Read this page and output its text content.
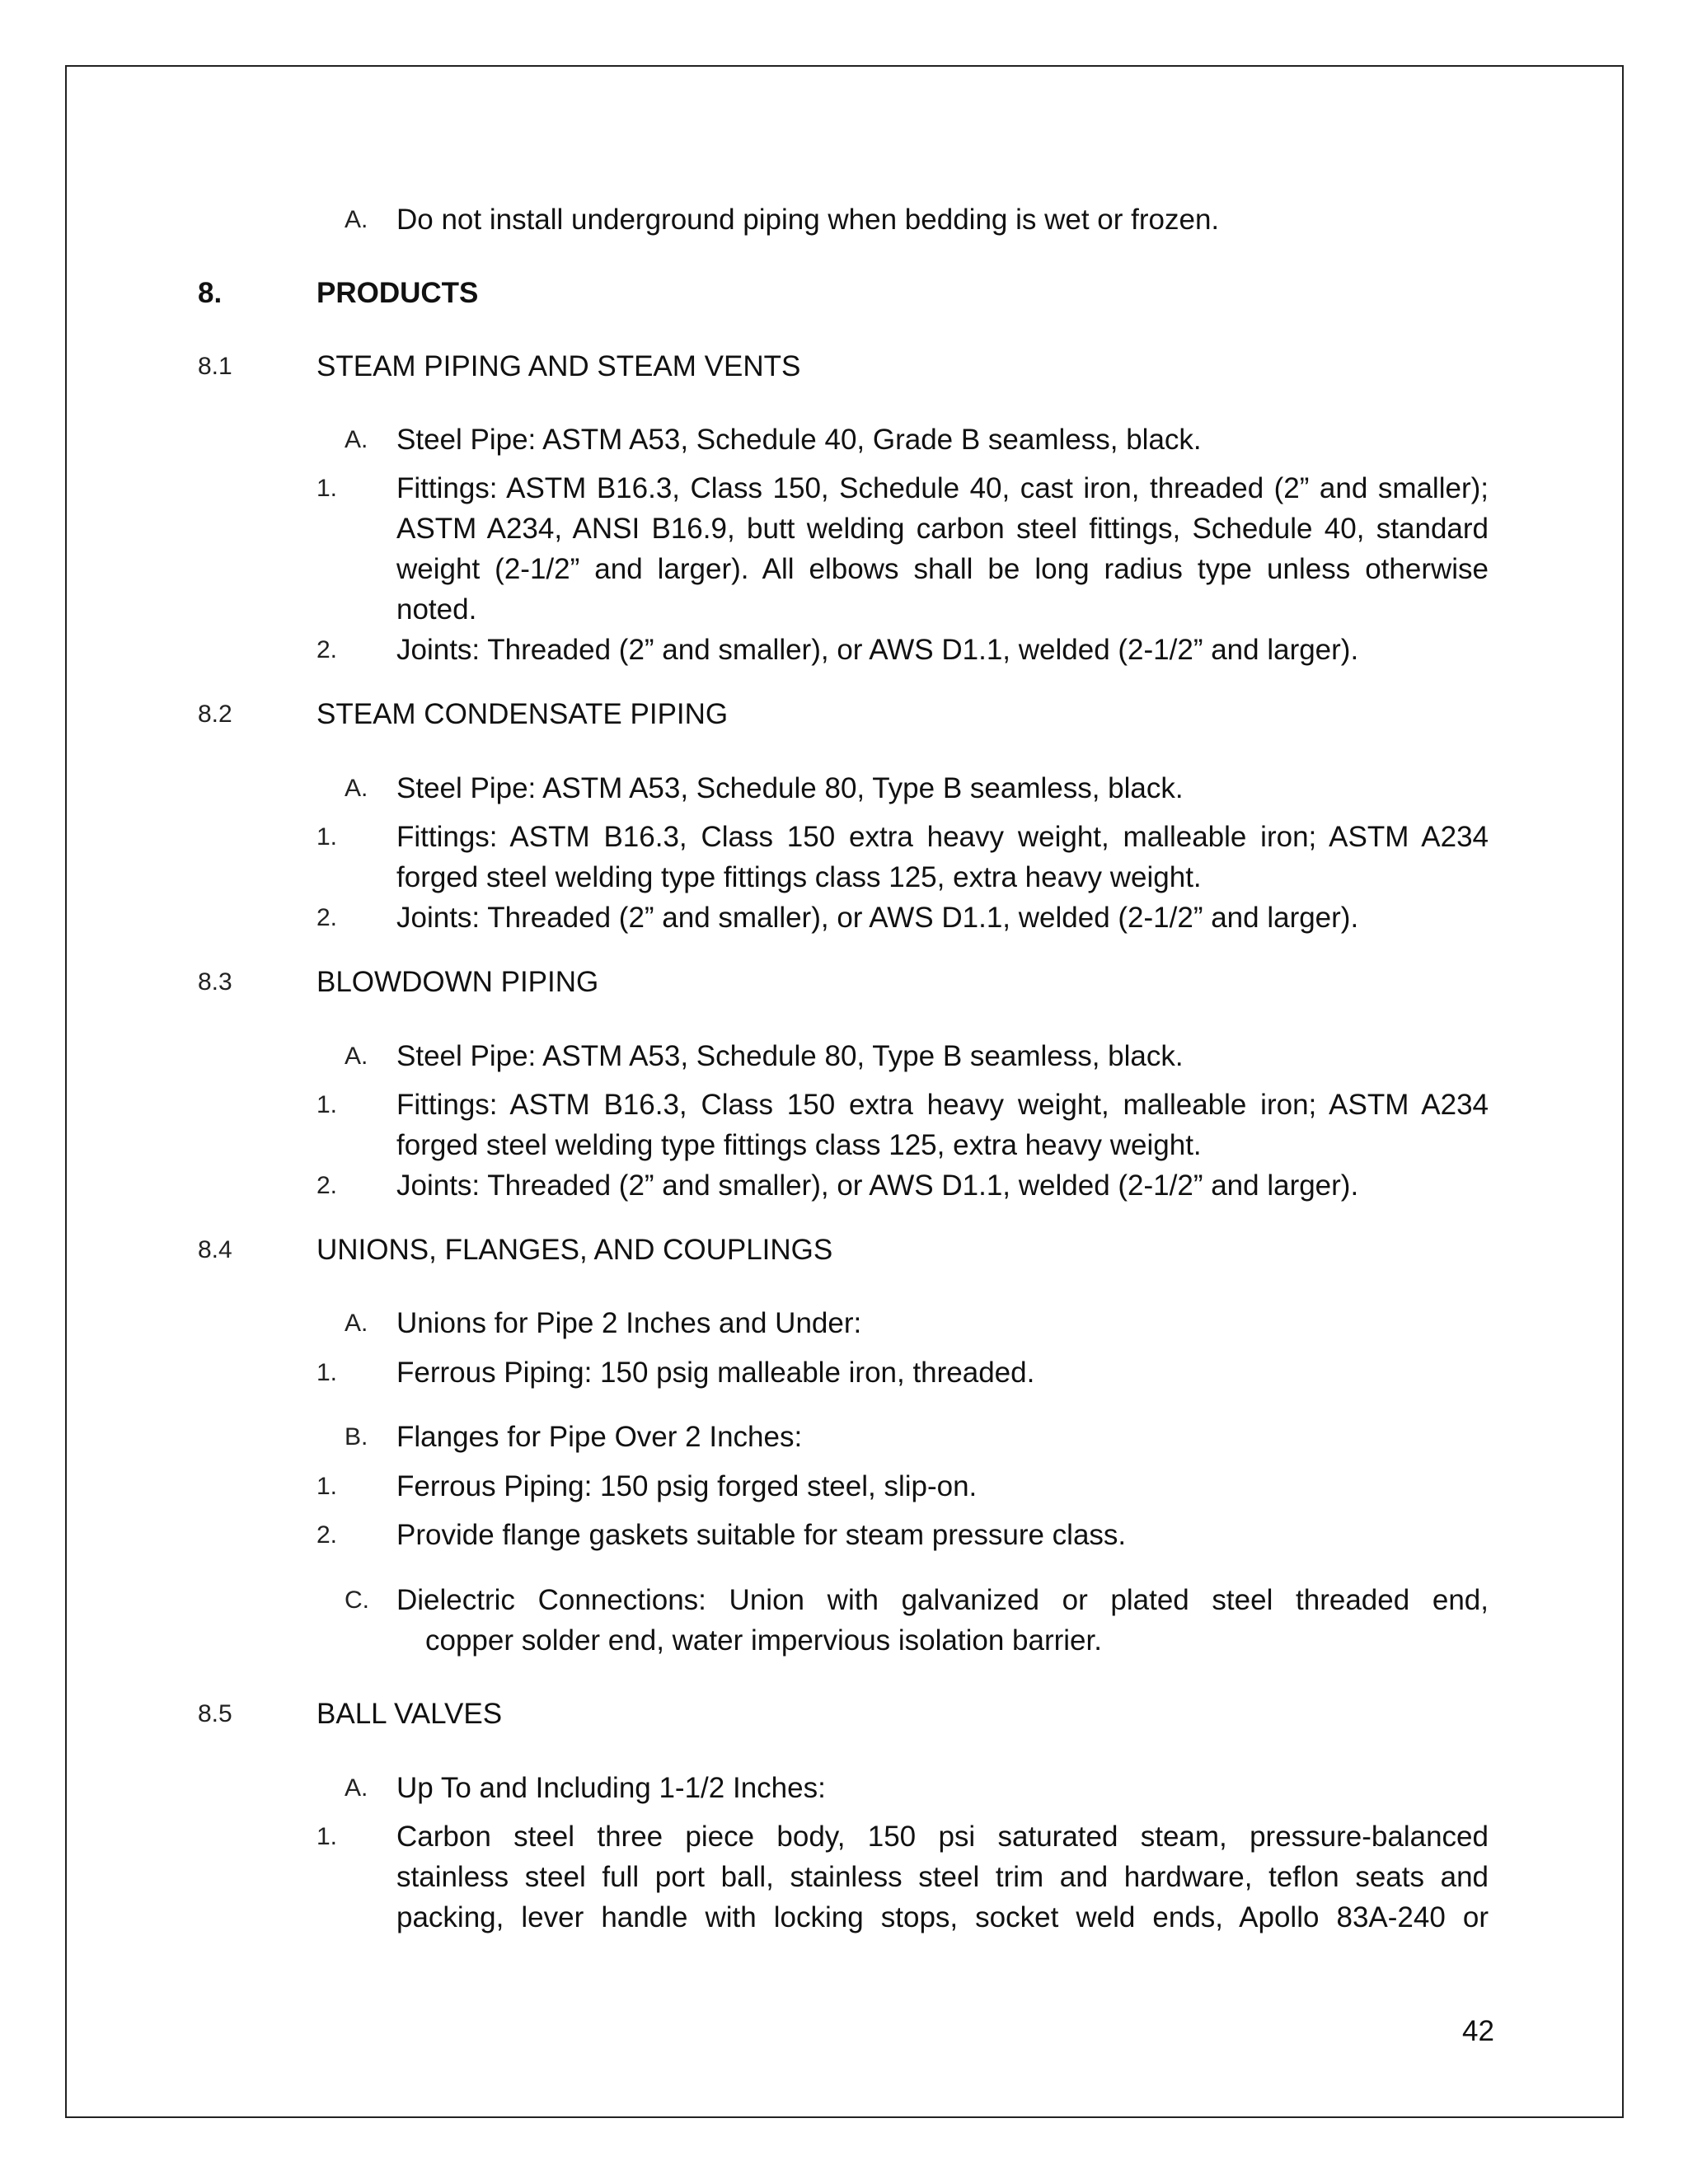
A. Do not install underground piping when bedding is wet or frozen.
8.	PRODUCTS
8.1	STEAM PIPING AND STEAM VENTS
A. Steel Pipe: ASTM A53, Schedule 40, Grade B seamless, black.
1. Fittings: ASTM B16.3, Class 150, Schedule 40, cast iron, threaded (2” and smaller); ASTM A234, ANSI B16.9, butt welding carbon steel fittings, Schedule 40, standard weight (2-1/2” and larger). All elbows shall be long radius type unless otherwise noted.
2. Joints: Threaded (2” and smaller), or AWS D1.1, welded (2-1/2” and larger).
8.2	STEAM CONDENSATE PIPING
A. Steel Pipe: ASTM A53, Schedule 80, Type B seamless, black.
1. Fittings: ASTM B16.3, Class 150 extra heavy weight, malleable iron; ASTM A234 forged steel welding type fittings class 125, extra heavy weight.
2. Joints: Threaded (2” and smaller), or AWS D1.1, welded (2-1/2” and larger).
8.3	BLOWDOWN PIPING
A. Steel Pipe: ASTM A53, Schedule 80, Type B seamless, black.
1. Fittings: ASTM B16.3, Class 150 extra heavy weight, malleable iron; ASTM A234 forged steel welding type fittings class 125, extra heavy weight.
2. Joints: Threaded (2” and smaller), or AWS D1.1, welded (2-1/2” and larger).
8.4	UNIONS, FLANGES, AND COUPLINGS
A. Unions for Pipe 2 Inches and Under:
1. Ferrous Piping: 150 psig malleable iron, threaded.
B. Flanges for Pipe Over 2 Inches:
1. Ferrous Piping: 150 psig forged steel, slip-on.
2. Provide flange gaskets suitable for steam pressure class.
C. Dielectric Connections: Union with galvanized or plated steel threaded end,
copper solder end, water impervious isolation barrier.
8.5	BALL VALVES
A. Up To and Including 1-1/2 Inches:
1. Carbon steel three piece body, 150 psi saturated steam, pressure-balanced
stainless steel full port ball, stainless steel trim and hardware, teflon seats and
packing, lever handle with locking stops, socket weld ends, Apollo 83A-240 or
42
